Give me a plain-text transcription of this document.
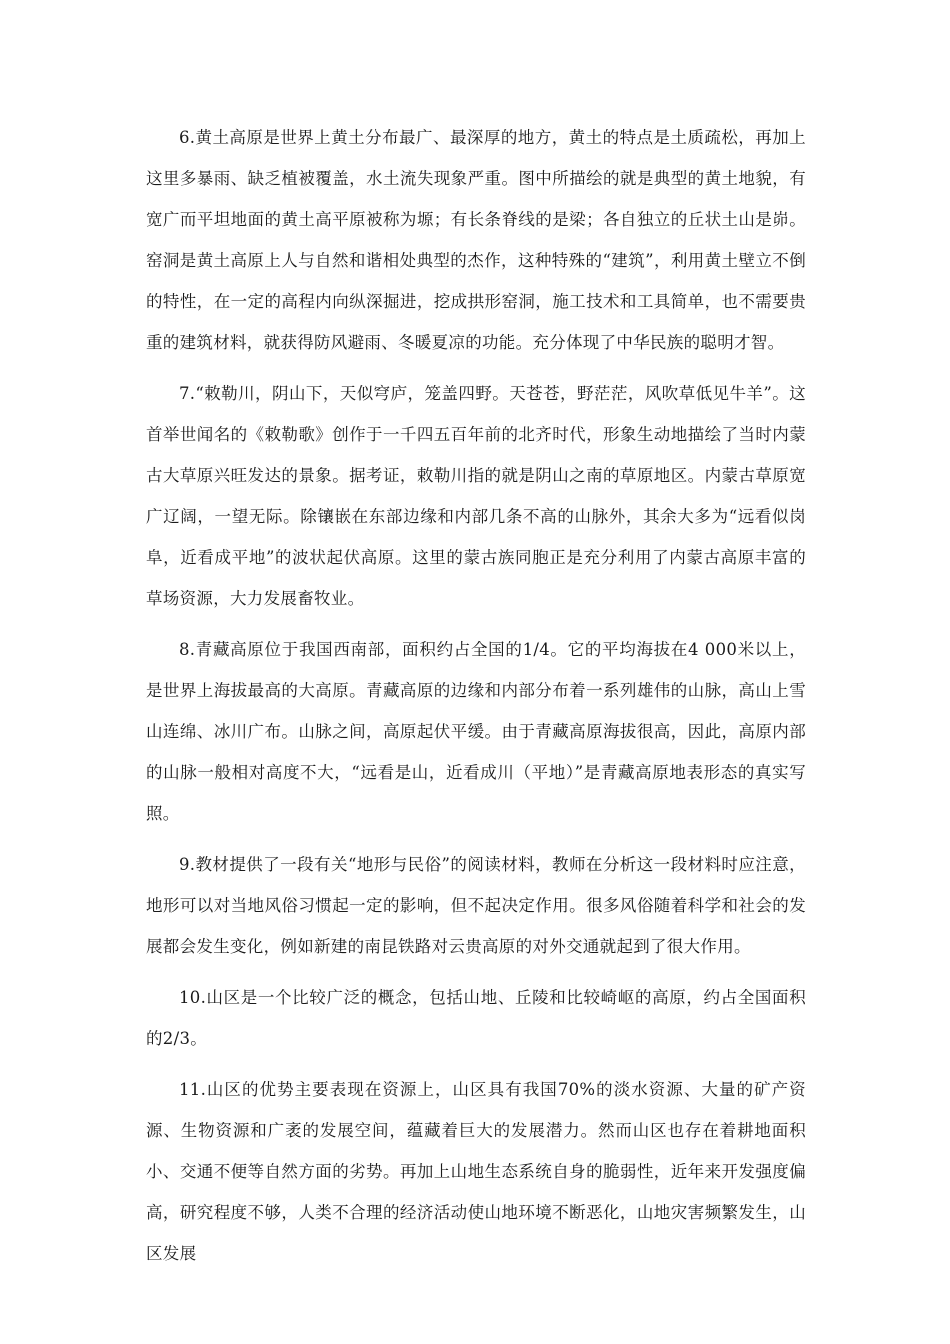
6.黄土高原是世界上黄土分布最广、最深厚的地方，黄土的特点是土质疏松，再加上这里多暴雨、缺乏植被覆盖，水土流失现象严重。图中所描绘的就是典型的黄土地貌，有宽广而平坦地面的黄土高平原被称为塬；有长条脊线的是梁；各自独立的丘状土山是峁。窑洞是黄土高原上人与自然和谐相处典型的杰作，这种特殊的“建筑”，利用黄土壁立不倒的特性，在一定的高程内向纵深掘进，挖成拱形窑洞，施工技术和工具简单，也不需要贵重的建筑材料，就获得防风避雨、冬暖夏凉的功能。充分体现了中华民族的聪明才智。

7.“敕勒川，阴山下，天似穹庐，笼盖四野。天苍苍，野茫茫，风吹草低见牛羊”。这首举世闻名的《敕勒歌》创作于一千四五百年前的北齐时代，形象生动地描绘了当时内蒙古大草原兴旺发达的景象。据考证，敕勒川指的就是阴山之南的草原地区。内蒙古草原宽广辽阔，一望无际。除镶嵌在东部边缘和内部几条不高的山脉外，其余大多为“远看似岗阜，近看成平地”的波状起伏高原。这里的蒙古族同胞正是充分利用了内蒙古高原丰富的草场资源，大力发展畜牧业。

8.青藏高原位于我国西南部，面积约占全国的1/4。它的平均海拔在4 000米以上，是世界上海拔最高的大高原。青藏高原的边缘和内部分布着一系列雄伟的山脉，高山上雪山连绵、冰川广布。山脉之间，高原起伏平缓。由于青藏高原海拔很高，因此，高原内部的山脉一般相对高度不大，“远看是山，近看成川（平地）”是青藏高原地表形态的真实写照。

9.教材提供了一段有关“地形与民俗”的阅读材料，教师在分析这一段材料时应注意，地形可以对当地风俗习惯起一定的影响，但不起决定作用。很多风俗随着科学和社会的发展都会发生变化，例如新建的南昆铁路对云贵高原的对外交通就起到了很大作用。

10.山区是一个比较广泛的概念，包括山地、丘陵和比较崎岖的高原，约占全国面积的2/3。

11.山区的优势主要表现在资源上，山区具有我国70%的淡水资源、大量的矿产资源、生物资源和广袤的发展空间，蕴藏着巨大的发展潜力。然而山区也存在着耕地面积小、交通不便等自然方面的劣势。再加上山地生态系统自身的脆弱性，近年来开发强度偏高，研究程度不够，人类不合理的经济活动使山地环境不断恶化，山地灾害频繁发生，山区发展
